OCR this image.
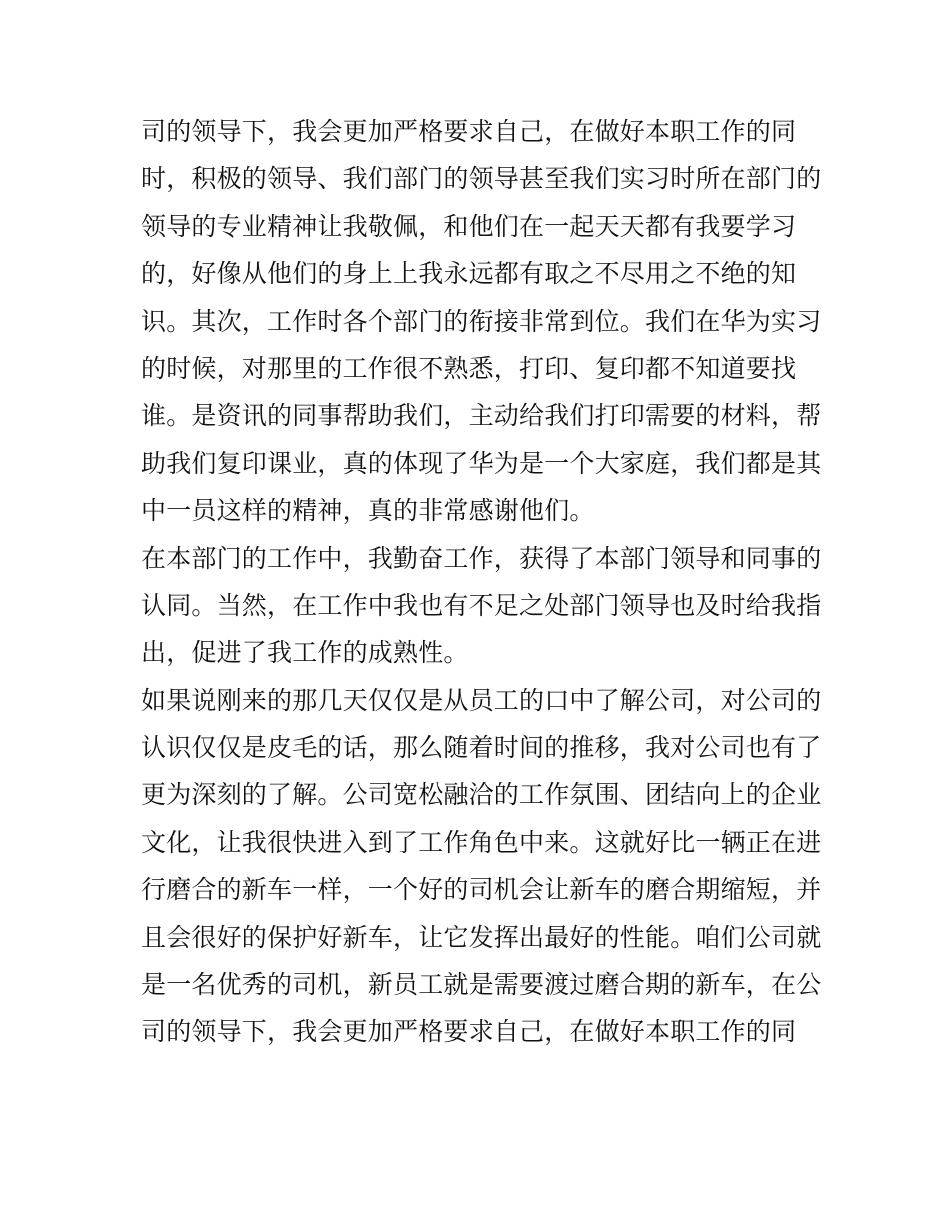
司的领导下，我会更加严格要求自己，在做好本职工作的同
时，积极的领导、我们部门的领导甚至我们实习时所在部门的
领导的专业精神让我敬佩，和他们在一起天天都有我要学习
的，好像从他们的身上上我永远都有取之不尽用之不绝的知
识。其次，工作时各个部门的衔接非常到位。我们在华为实习
的时候，对那里的工作很不熟悉，打印、复印都不知道要找
谁。是资讯的同事帮助我们，主动给我们打印需要的材料，帮
助我们复印课业，真的体现了华为是一个大家庭，我们都是其
中一员这样的精神，真的非常感谢他们。
在本部门的工作中，我勤奋工作，获得了本部门领导和同事的
认同。当然，在工作中我也有不足之处部门领导也及时给我指
出，促进了我工作的成熟性。
如果说刚来的那几天仅仅是从员工的口中了解公司，对公司的
认识仅仅是皮毛的话，那么随着时间的推移，我对公司也有了
更为深刻的了解。公司宽松融洽的工作氛围、团结向上的企业
文化，让我很快进入到了工作角色中来。这就好比一辆正在进
行磨合的新车一样，一个好的司机会让新车的磨合期缩短，并
且会很好的保护好新车，让它发挥出最好的性能。咱们公司就
是一名优秀的司机，新员工就是需要渡过磨合期的新车，在公
司的领导下，我会更加严格要求自己，在做好本职工作的同
